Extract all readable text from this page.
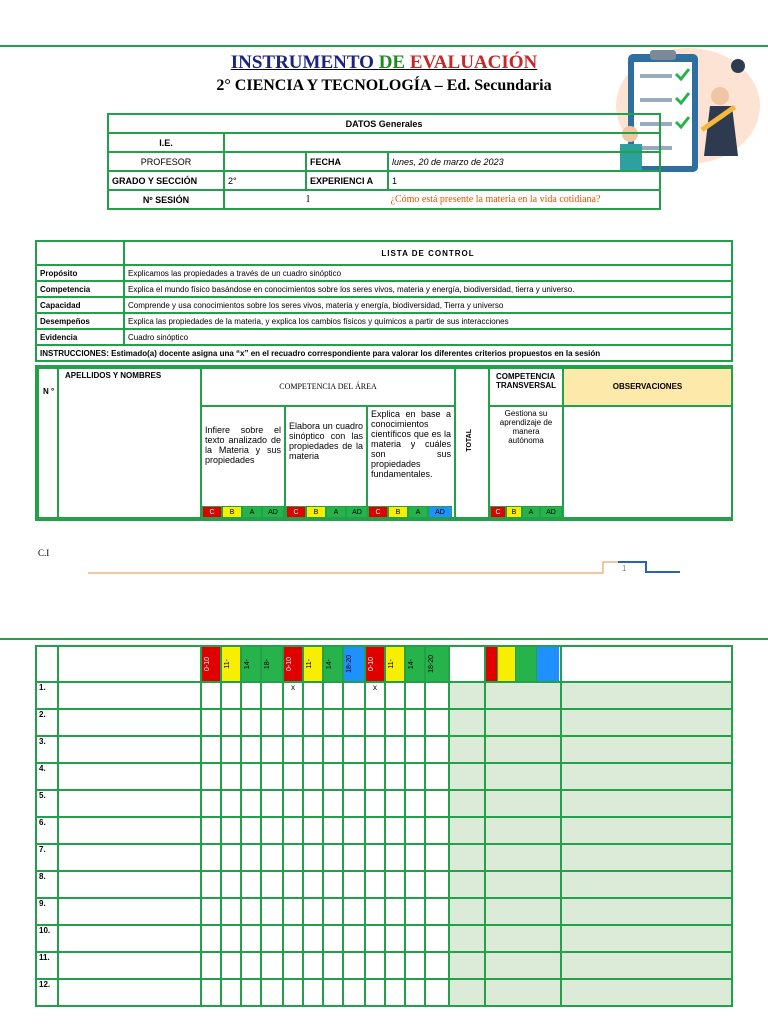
INSTRUMENTO DE EVALUACIÓN
2° CIENCIA Y TECNOLOGÍA – Ed. Secundaria
DATOS Generales			
I.E.			
PROFESOR		FECHA	lunes, 20 de marzo de 2023
GRADO Y SECCIÓN	2°	EXPERIENCI A	1
Nº SESIÓN	1 ¿Cómo está presente la materia en la vida cotidiana?		
	LISTA DE CONTROL
Propósito	Explicamos las propiedades a través de un cuadro sinóptico
Competencia	Explica el mundo físico basándose en conocimientos sobre los seres vivos, materia y energía, biodiversidad, tierra y universo.
Capacidad	Comprende y usa conocimientos sobre los seres vivos, materia y energía, biodiversidad, Tierra y universo
Desempeños	Explica las propiedades de la materia, y explica los cambios físicos y químicos a partir de sus interacciones
Evidencia	Cuadro sinóptico
INSTRUCCIONES: Estimado(a) docente asigna una “x” en el recuadro correspondiente para valorar los diferentes criterios propuestos en la sesión	
N °
APELLIDOS Y NOMBRES
COMPETENCIA DEL ÁREA
Infiere sobre el texto analizado de la Materia y sus propiedades
Elabora un cuadro sinóptico con las propiedades de la materia
Explica en base a conocimientos científicos que es la materia y cuáles son sus propiedades fundamentales.
TOTAL
COMPETENCIA TRANSVERSAL	OBSERVACIONES
Gestiona su aprendizaje de manera autónoma
C	B	A	AD	C	B	A	AD	C	B	A	AD	C	B	A	AD
C.I
1

		0-10	11-	14-	18-	0-10	11-	14-	18-20	0-10	11-	14-	18-20			

1.						x				x						
2.																
3.																
4.																
5.																
6.																
7.																
8.																
9.																
10.																
11.																
12.																
